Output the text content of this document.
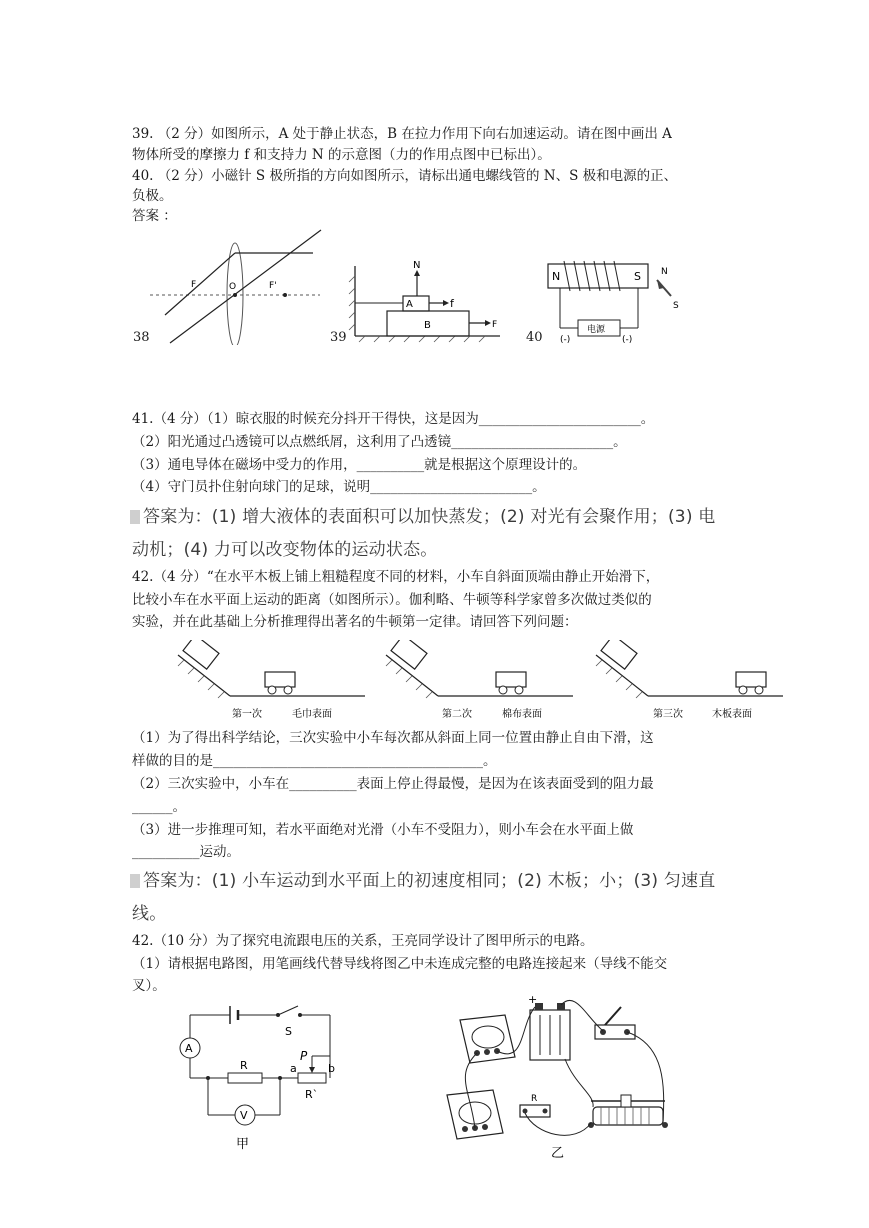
39. （2 分）如图所示，A 处于静止状态，B 在拉力作用下向右加速运动。请在图中画出 A
物体所受的摩擦力 f 和支持力 N 的示意图（力的作用点图中已标出）。
40. （2 分）小磁针 S 极所指的方向如图所示，请标出通电螺线管的 N、S 极和电源的正、
负极。
答案 ：
F	O	F'
38
N
A	f
B	F
39
N	S
电源
(-)	(-)
N
S
40
41.（4 分）（1）晾衣服的时候充分抖开干得快，这是因为________________________。
（2）阳光通过凸透镜可以点燃纸屑，这利用了凸透镜________________________。
（3）通电导体在磁场中受力的作用，__________就是根据这个原理设计的。
（4）守门员扑住射向球门的足球，说明________________________。
答案为：(1) 增大液体的表面积可以加快蒸发；(2) 对光有会聚作用；(3) 电
动机；(4) 力可以改变物体的运动状态。
42.（4 分）“在水平木板上铺上粗糙程度不同的材料，小车自斜面顶端由静止开始滑下，
比较小车在水平面上运动的距离（如图所示）。伽利略、牛顿等科学家曾多次做过类似的
实验，并在此基础上分析推理得出著名的牛顿第一定律。请回答下列问题：
第一次	毛巾表面	第二次	棉布表面	第三次	木板表面
（1）为了得出科学结论，三次实验中小车每次都从斜面上同一位置由静止自由下滑，这
样做的目的是________________________________________。
（2）三次实验中，小车在__________表面上停止得最慢，是因为在该表面受到的阻力最
______。
（3）进一步推理可知，若水平面绝对光滑（小车不受阻力），则小车会在水平面上做
__________运动。
答案为：(1) 小车运动到水平面上的初速度相同；(2) 木板；小；(3) 匀速直
线。
42.（10 分）为了探究电流跟电压的关系，王亮同学设计了图甲所示的电路。
（1）请根据电路图，用笔画线代替导线将图乙中未连成完整的电路连接起来（导线不能交
叉）。
S
A
R
P
a	b
R`
V
甲
+
R
乙
